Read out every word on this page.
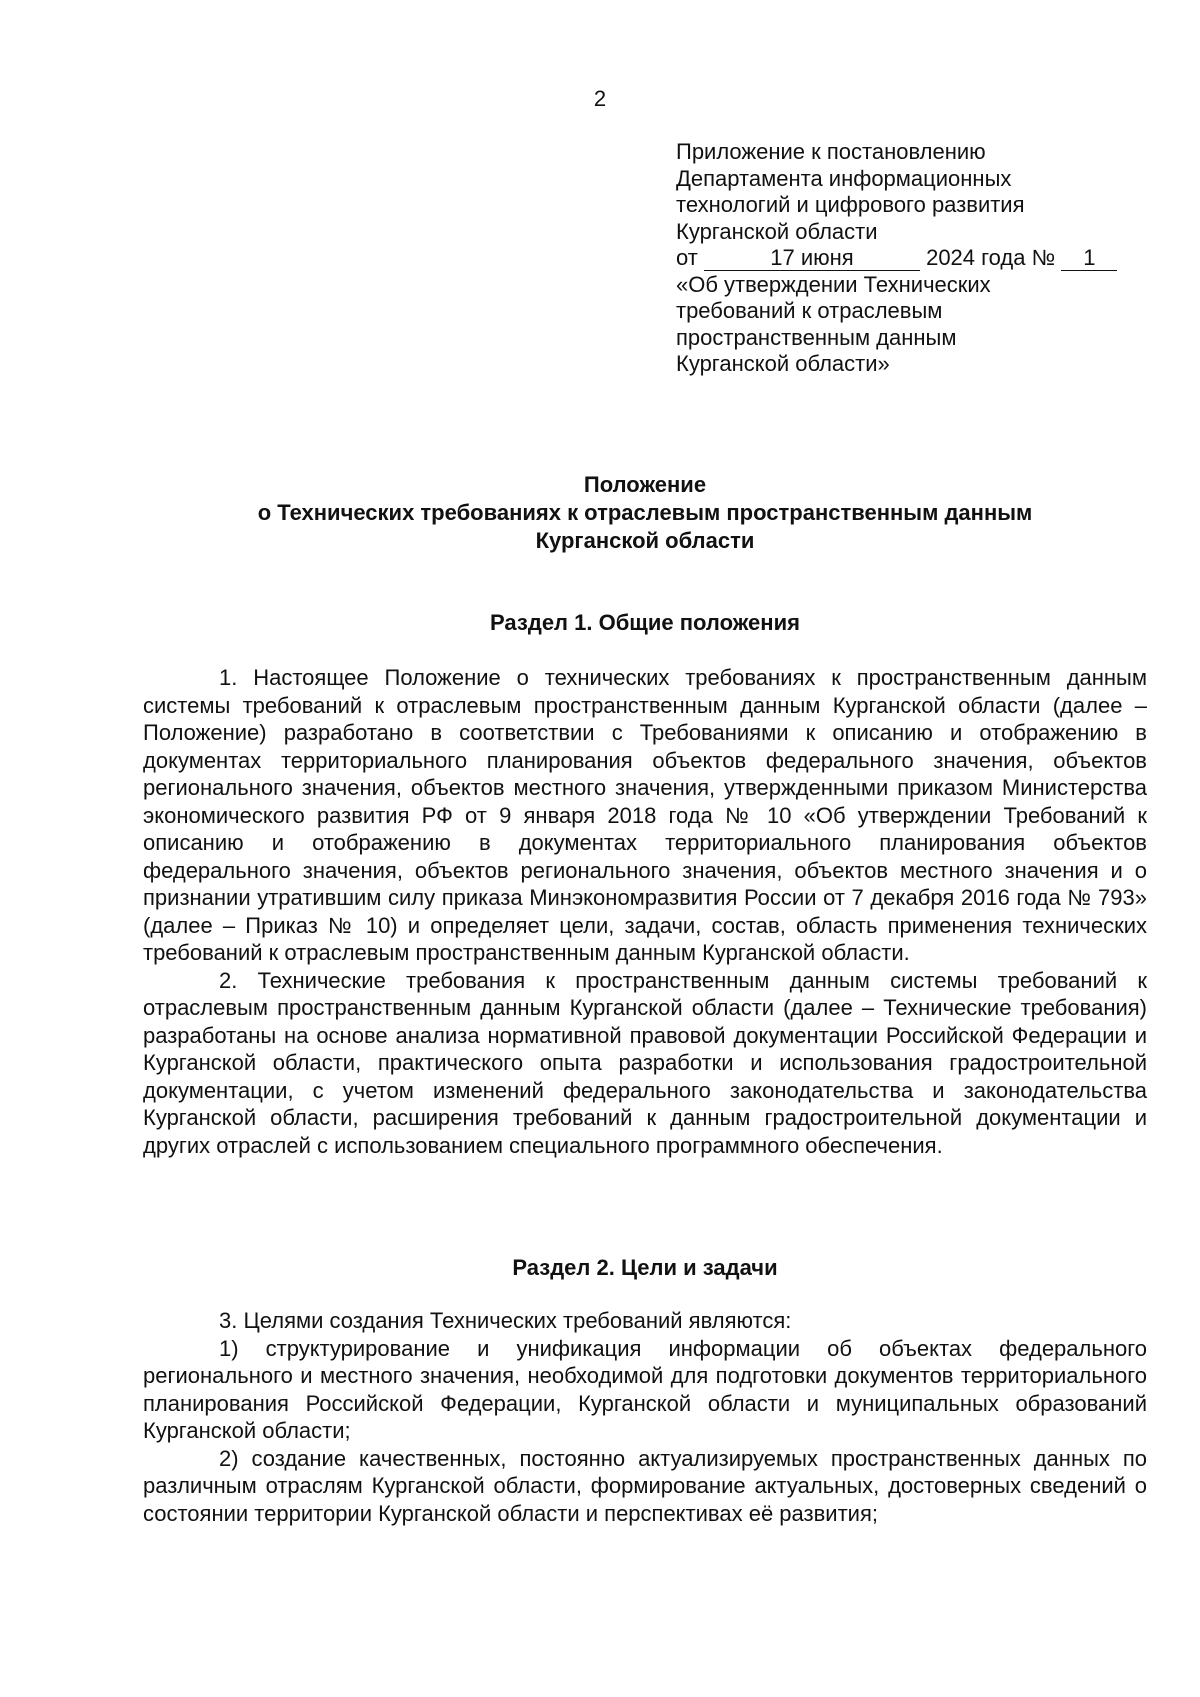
2
Приложение к постановлению
Департамента информационных
технологий и цифрового развития
Курганской области
от	17 июня	2024 года № 1
«Об утверждении Технических
требований к отраслевым
пространственным данным
Курганской области»
Положение
о Технических требованиях к отраслевым пространственным данным
Курганской области
Раздел 1. Общие положения

1. Настоящее Положение о технических требованиях к пространственным данным системы требований к отраслевым пространственным данным Курганской области (далее – Положение) разработано в соответствии с Требованиями к описанию и отображению в документах территориального планирования объектов федерального значения, объектов регионального значения, объектов местного значения, утвержденными приказом Министерства экономического развития РФ от 9 января 2018 года № 10 «Об утверждении Требований к описанию и отображению в документах территориального планирования объектов федерального значения, объектов регионального значения, объектов местного значения и о признании утратившим силу приказа Минэкономразвития России от 7 декабря 2016 года № 793» (далее – Приказ № 10) и определяет цели, задачи, состав, область применения технических требований к отраслевым пространственным данным Курганской области.

2. Технические требования к пространственным данным системы требований к отраслевым пространственным данным Курганской области (далее – Технические требования) разработаны на основе анализа нормативной правовой документации Российской Федерации и Курганской области, практического опыта разработки и использования градостроительной документации, с учетом изменений федерального законодательства и законодательства Курганской области, расширения требований к данным градостроительной документации и других отраслей с использованием специального программного обеспечения.

Раздел 2. Цели и задачи

3. Целями создания Технических требований являются:

1) структурирование и унификация информации об объектах федерального регионального и местного значения, необходимой для подготовки документов территориального планирования Российской Федерации, Курганской области и муниципальных образований Курганской области;

2) создание качественных, постоянно актуализируемых пространственных данных по различным отраслям Курганской области, формирование актуальных, достоверных сведений о состоянии территории Курганской области и перспективах её развития;
